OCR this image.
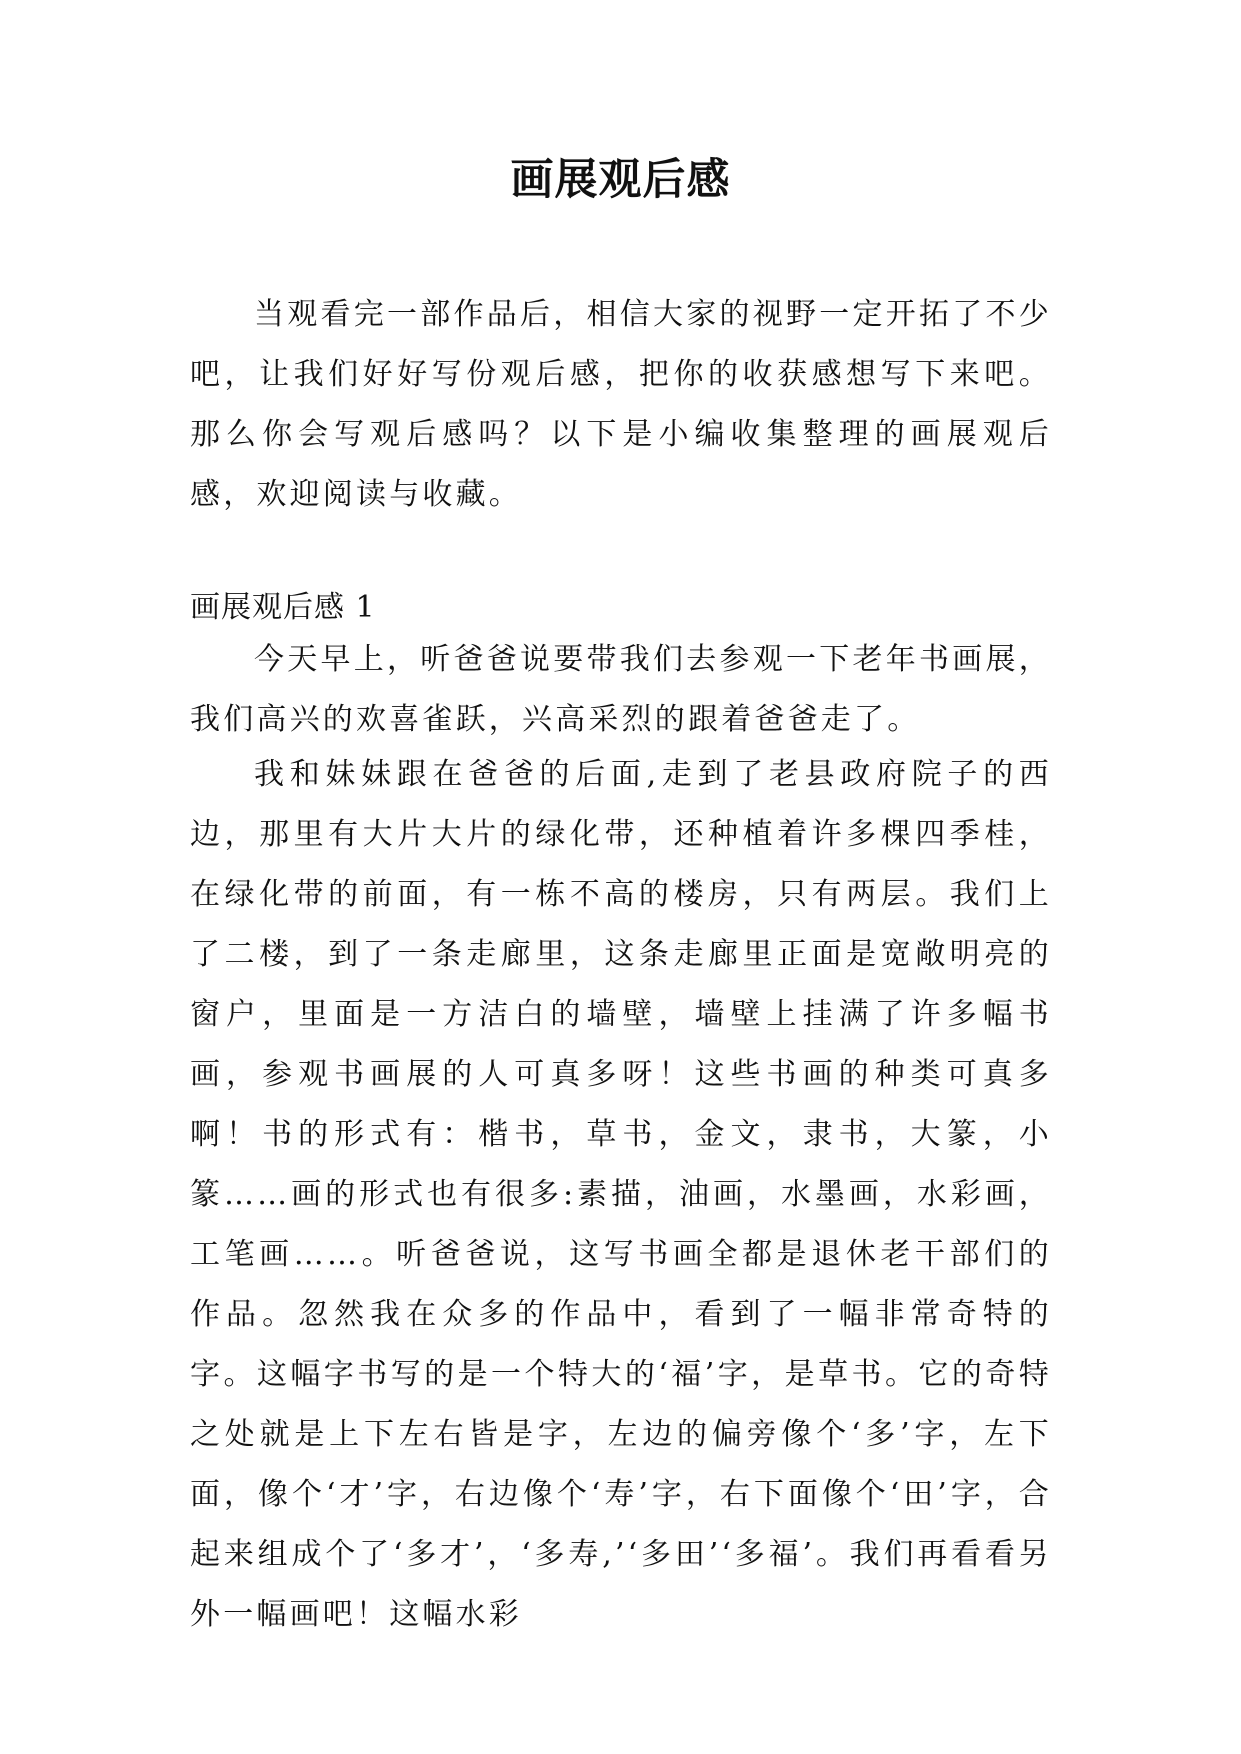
画展观后感

当观看完一部作品后，相信大家的视野一定开拓了不少吧，让我们好好写份观后感，把你的收获感想写下来吧。那么你会写观后感吗？以下是小编收集整理的画展观后感，欢迎阅读与收藏。

画展观后感 1

今天早上，听爸爸说要带我们去参观一下老年书画展，我们高兴的欢喜雀跃，兴高采烈的跟着爸爸走了。

我和妹妹跟在爸爸的后面,走到了老县政府院子的西边，那里有大片大片的绿化带，还种植着许多棵四季桂，在绿化带的前面，有一栋不高的楼房，只有两层。我们上了二楼，到了一条走廊里，这条走廊里正面是宽敞明亮的窗户，里面是一方洁白的墙壁，墙壁上挂满了许多幅书画，参观书画展的人可真多呀！这些书画的种类可真多啊！书的形式有：楷书，草书，金文，隶书，大篆，小篆……画的形式也有很多:素描，油画，水墨画，水彩画，工笔画……。听爸爸说，这写书画全都是退休老干部们的作品。忽然我在众多的作品中，看到了一幅非常奇特的字。这幅字书写的是一个特大的‘福’字，是草书。它的奇特之处就是上下左右皆是字，左边的偏旁像个‘多’字，左下面，像个‘才’字，右边像个‘寿’字，右下面像个‘田’字，合起来组成个了‘多才’，‘多寿,’‘多田’‘多福’。我们再看看另外一幅画吧！这幅水彩
